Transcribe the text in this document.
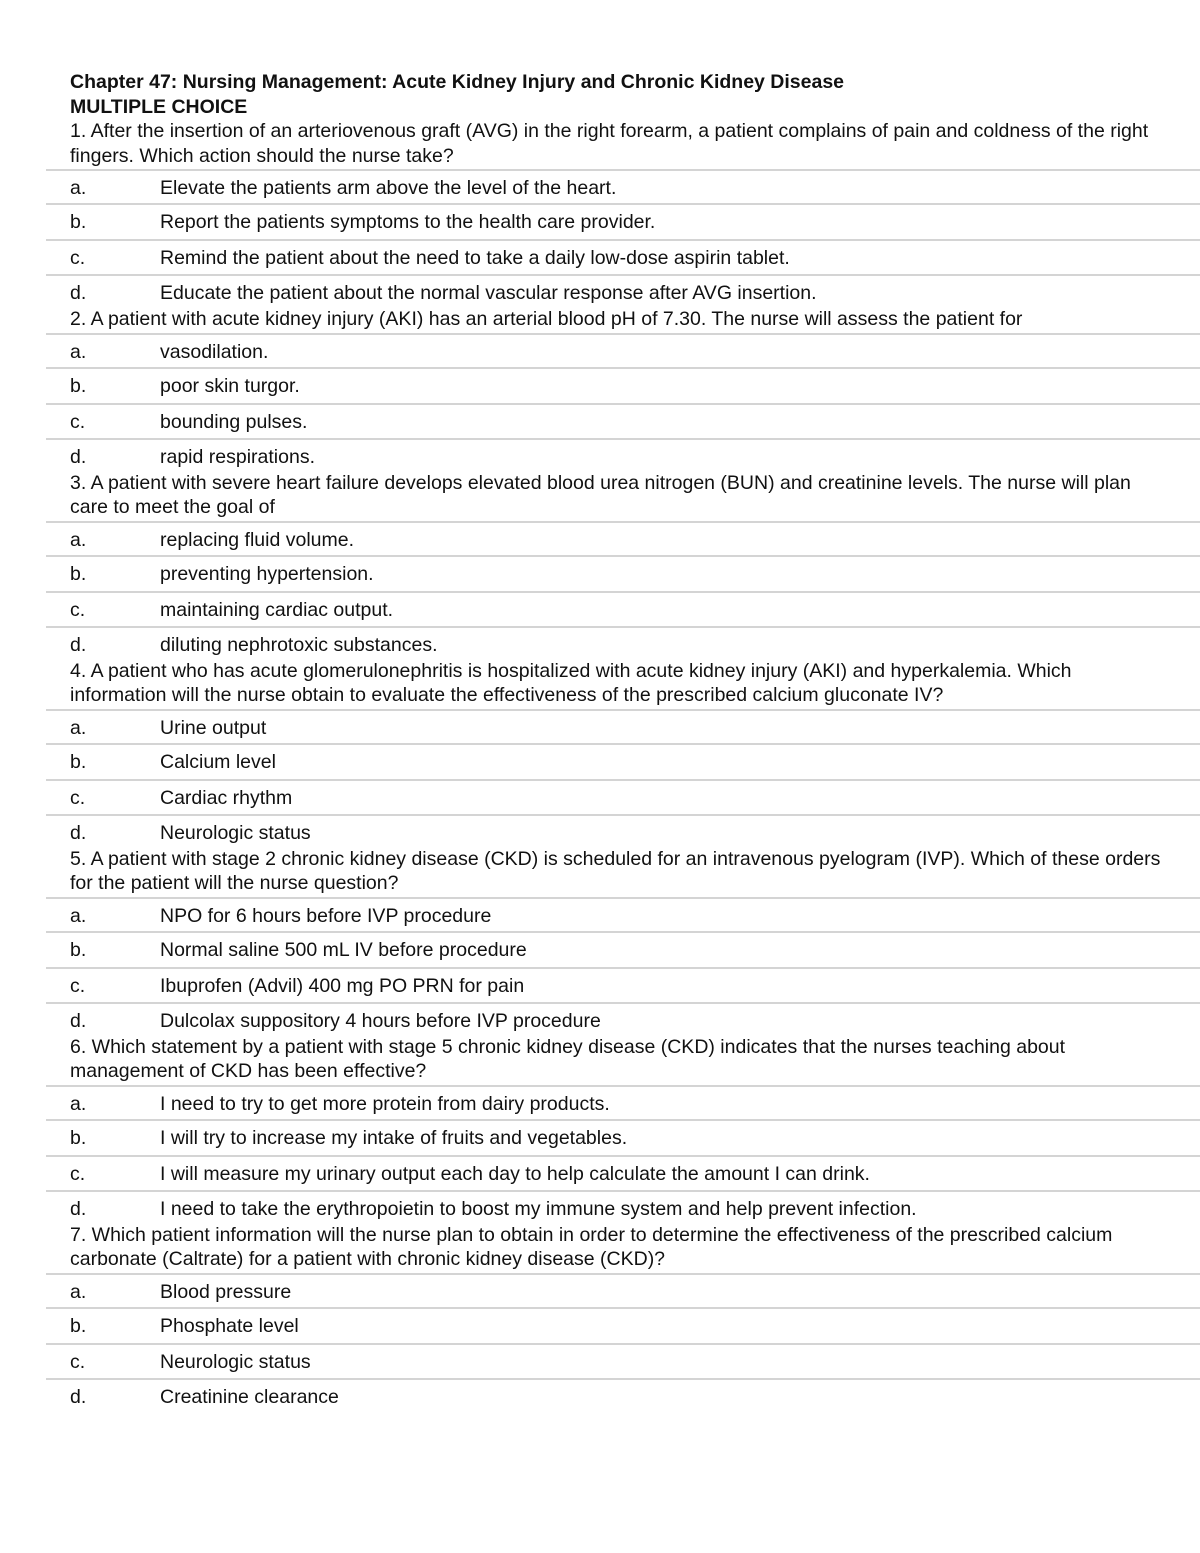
Chapter 47: Nursing Management: Acute Kidney Injury and Chronic Kidney Disease
MULTIPLE CHOICE

1. After the insertion of an arteriovenous graft (AVG) in the right forearm, a patient complains of pain and coldness of the right fingers. Which action should the nurse take?

a.	Elevate the patients arm above the level of the heart.
b.	Report the patients symptoms to the health care provider.
c.	Remind the patient about the need to take a daily low-dose aspirin tablet.
d.	Educate the patient about the normal vascular response after AVG insertion.

2. A patient with acute kidney injury (AKI) has an arterial blood pH of 7.30. The nurse will assess the patient for

a.	vasodilation.
b.	poor skin turgor.
c.	bounding pulses.
d.	rapid respirations.

3. A patient with severe heart failure develops elevated blood urea nitrogen (BUN) and creatinine levels. The nurse will plan care to meet the goal of

a.	replacing fluid volume.
b.	preventing hypertension.
c.	maintaining cardiac output.
d.	diluting nephrotoxic substances.

4. A patient who has acute glomerulonephritis is hospitalized with acute kidney injury (AKI) and hyperkalemia. Which information will the nurse obtain to evaluate the effectiveness of the prescribed calcium gluconate IV?

a.	Urine output
b.	Calcium level
c.	Cardiac rhythm
d.	Neurologic status

5. A patient with stage 2 chronic kidney disease (CKD) is scheduled for an intravenous pyelogram (IVP). Which of these orders for the patient will the nurse question?

a.	NPO for 6 hours before IVP procedure
b.	Normal saline 500 mL IV before procedure
c.	Ibuprofen (Advil) 400 mg PO PRN for pain
d.	Dulcolax suppository 4 hours before IVP procedure

6. Which statement by a patient with stage 5 chronic kidney disease (CKD) indicates that the nurses teaching about management of CKD has been effective?

a.	I need to try to get more protein from dairy products.
b.	I will try to increase my intake of fruits and vegetables.
c.	I will measure my urinary output each day to help calculate the amount I can drink.
d.	I need to take the erythropoietin to boost my immune system and help prevent infection.

7. Which patient information will the nurse plan to obtain in order to determine the effectiveness of the prescribed calcium carbonate (Caltrate) for a patient with chronic kidney disease (CKD)?

a.	Blood pressure
b.	Phosphate level
c.	Neurologic status
d.	Creatinine clearance
